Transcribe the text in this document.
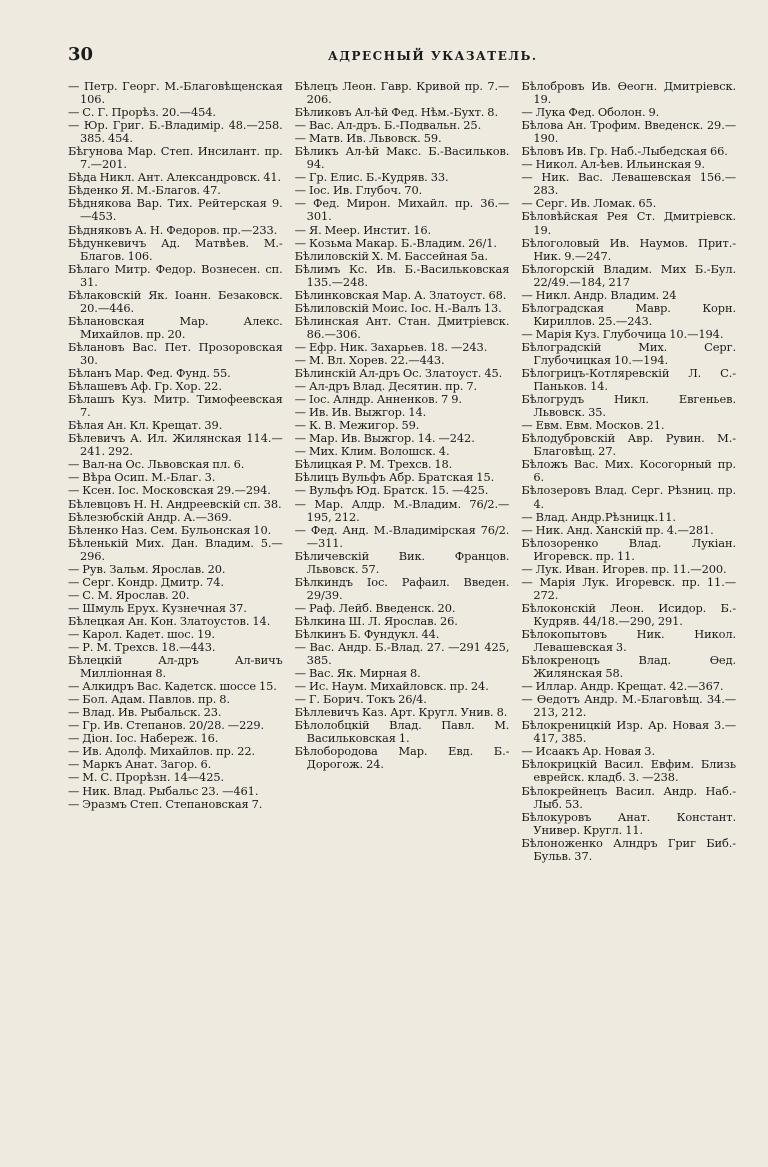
30	АДРЕСНЫЙ УКАЗАТЕЛЬ.

— Петр. Георг. М.-Благовѣщенская 106.

— С. Г. Прорѣз. 20.—454.

— Юр. Григ. Б.-Владимір. 48.—258. 385. 454.

Бѣгунова Мар. Степ. Инсилант. пр. 7.—201.

Бѣда Никл. Ант. Александровск. 41.

Бѣденко Я. М.-Благов. 47.

Бѣднякова Вар. Тих. Рейтерская 9.—453.

Бѣдняковъ А. Н. Федоров. пр.—233.

Бѣдункевичъ Ад. Матвѣев. М.-Благов. 106.

Бѣлаго Митр. Федор. Вознесен. сп. 31.

Бѣлаковскій Як. Іоанн. Безаковск. 20.—446.

Бѣлановская Мар. Алекс. Михайлов. пр. 20.

Бѣлановъ Вас. Пет. Прозоровская 30.

Бѣланъ Мар. Фед. Фунд. 55.

Бѣлашевъ Аф. Гр. Хор. 22.

Бѣлашъ Куз. Митр. Тимофеевская 7.

Бѣлая Ан. Кл. Крещат. 39.

Бѣлевичъ А. Ил. Жилянская 114.—241. 292.

— Вал-на Ос. Львовская пл. 6.

— Вѣра Осип. М.-Благ. 3.

— Ксен. Іос. Московская 29.—294.

Бѣлевцовъ Н. Н. Андреевскій сп. 38.

Бѣлезюбскій Андр. А.—369.

Бѣленко Наз. Сем. Бульонская 10.

Бѣленькій Мих. Дан. Владим. 5.—296.

— Рув. Зальм. Ярослав. 20.

— Серг. Кондр. Дмитр. 74.

— С. М. Ярослав. 20.

— Шмуль Ерух. Кузнечная 37.

Бѣлецкая Ан. Кон. Златоустов. 14.

— Карол. Кадет. шос. 19.

— Р. М. Трехсв. 18.—443.

Бѣлецкій Ал-дръ Ал-вичъ Милліонная 8.

— Алкидръ Вас. Кадетск. шоссе 15.

— Бол. Адам. Павлов. пр. 8.

— Влад. Ив. Рыбальск. 23.

— Гр. Ив. Степанов. 20/28. —229.

— Діон. Іос. Набереж. 16.

— Ив. Адолф. Михайлов. пр. 22.

— Маркъ Анат. Загор. 6.

— М. С. Прорѣзн. 14—425.

— Ник. Влад. Рыбальс 23. —461.

— Эразмъ Степ. Степановская 7.

Бѣлецъ Леон. Гавр. Кривой пр. 7.—206.

Бѣликовъ Ал-ѣй Фед. Нѣм.-Бухт. 8.

— Вас. Ал-дръ. Б.-Подвальн. 25.

— Матв. Ив. Львовск. 59.

Бѣликъ Ал-ѣй Макс. Б.-Васильков. 94.

— Гр. Елис. Б.-Кудряв. 33.

— Іос. Ив. Глубоч. 70.

— Фед. Мирон. Михайл. пр. 36.—301.

— Я. Меер. Инстит. 16.

— Козьма Макар. Б.-Владим. 26/1.

Бѣлиловскій Х. М. Бассейная 5а.

Бѣлимъ Кс. Ив. Б.-Васильковская 135.—248.

Бѣлинковская Мар. А. Златоуст. 68.

Бѣлиловскій Моис. Іос. Н.-Валъ 13.

Бѣлинская Ант. Стан. Дмитріевск. 86.—306.

— Ефр. Ник. Захарьев. 18. —243.

— М. Вл. Хорев. 22.—443.

Бѣлинскій Ал-дръ Ос. Златоуст. 45.

— Ал-дръ Влад. Десятин. пр. 7.

— Іос. Алндр. Анненков. 7 9.

— Ив. Ив. Выжгор. 14.

— К. В. Межигор. 59.

— Мар. Ив. Выжгор. 14. —242.

— Мих. Клим. Волошск. 4.

Бѣлицкая Р. М. Трехсв. 18.

Бѣлицъ Вульфъ Абр. Братская 15.

— Вульфъ Юд. Братск. 15. —425.

— Мар. Алдр. М.-Владим. 76/2.—195, 212.

— Фед. Анд. М.-Владимірская 76/2.—311.

Бѣличевскій Вик. Францов. Львовск. 57.

Бѣлкиндъ Іос. Рафаил. Введен. 29/39.

— Раф. Лейб. Введенск. 20.

Бѣлкина Ш. Л. Ярослав. 26.

Бѣлкинъ Б. Фундукл. 44.

— Вас. Андр. Б.-Влад. 27. —291 425, 385.

— Вас. Як. Мирная 8.

— Ис. Наум. Михайловск. пр. 24.

— Г. Борич. Токъ 26/4.

Бѣллевичъ Каз. Арт. Кругл. Унив. 8.

Бѣлолобцкій Влад. Павл. М. Васильковская 1.

Бѣлобородова Мар. Евд. Б.-Дорогож. 24.

Бѣлобровъ Ив. Ѳеогн. Дмитріевск. 19.

— Лука Фед. Оболон. 9.

Бѣлова Ан. Трофим. Введенск. 29.—190.

Бѣловъ Ив. Гр. Наб.-Лыбедская 66.

— Никол. Ал-ѣев. Ильинская 9.

— Ник. Вас. Левашевская 156.—283.

— Серг. Ив. Ломак. 65.

Бѣловѣйская Рея Ст. Дмитріевск. 19.

Бѣлоголовый Ив. Наумов. Прит.-Ник. 9.—247.

Бѣлогорскій Владим. Мих Б.-Бул. 22/49.—184, 217

— Никл. Андр. Владим. 24

Бѣлоградская Мавр. Корн. Кириллов. 25.—243.

— Марія Куз. Глубочица 10.—194.

Бѣлоградскій Мих. Серг. Глубочицкая 10.—194.

Бѣлогрицъ-Котляревскій Л. С.-Паньков. 14.

Бѣлогрудъ Никл. Евгеньев. Львовск. 35.

— Евм. Евм. Москов. 21.

Бѣлодубровскій Авр. Рувин. М.-Благовѣщ. 27.

Бѣложъ Вас. Мих. Косогорный пр. 6.

Бѣлозеровъ Влад. Серг. Рѣзниц. пр. 4.

— Влад. Андр.Рѣзницк.11.

— Ник. Анд. Ханскій пр. 4.—281.

Бѣлозоренко Влад. Лукіан. Игоревск. пр. 11.

— Лук. Иван. Игорев. пр. 11.—200.

— Марія Лук. Игоревск. пр. 11.—272.

Бѣлоконскій Леон. Исидор. Б.-Кудряв. 44/18.—290, 291.

Бѣлокопытовъ Ник. Никол. Левашевская 3.

Бѣлокреноцъ Влад. Ѳед. Жилянская 58.

— Иллар. Андр. Крещат. 42.—367.

— Ѳедотъ Андр. М.-Благовѣщ. 34.—213, 212.

Бѣлокреницкій Изр. Ар. Новая 3.—417, 385.

— Исаакъ Ар. Новая 3.

Бѣлокрицкій Васил. Евфим. Близь еврейск. кладб. 3. —238.

Бѣлокрейнецъ Васил. Андр. Наб.-Лыб. 53.

Бѣлокуровъ Анат. Констант. Универ. Кругл. 11.

Бѣлоноженко Алндръ Григ Биб.-Бульв. 37.
